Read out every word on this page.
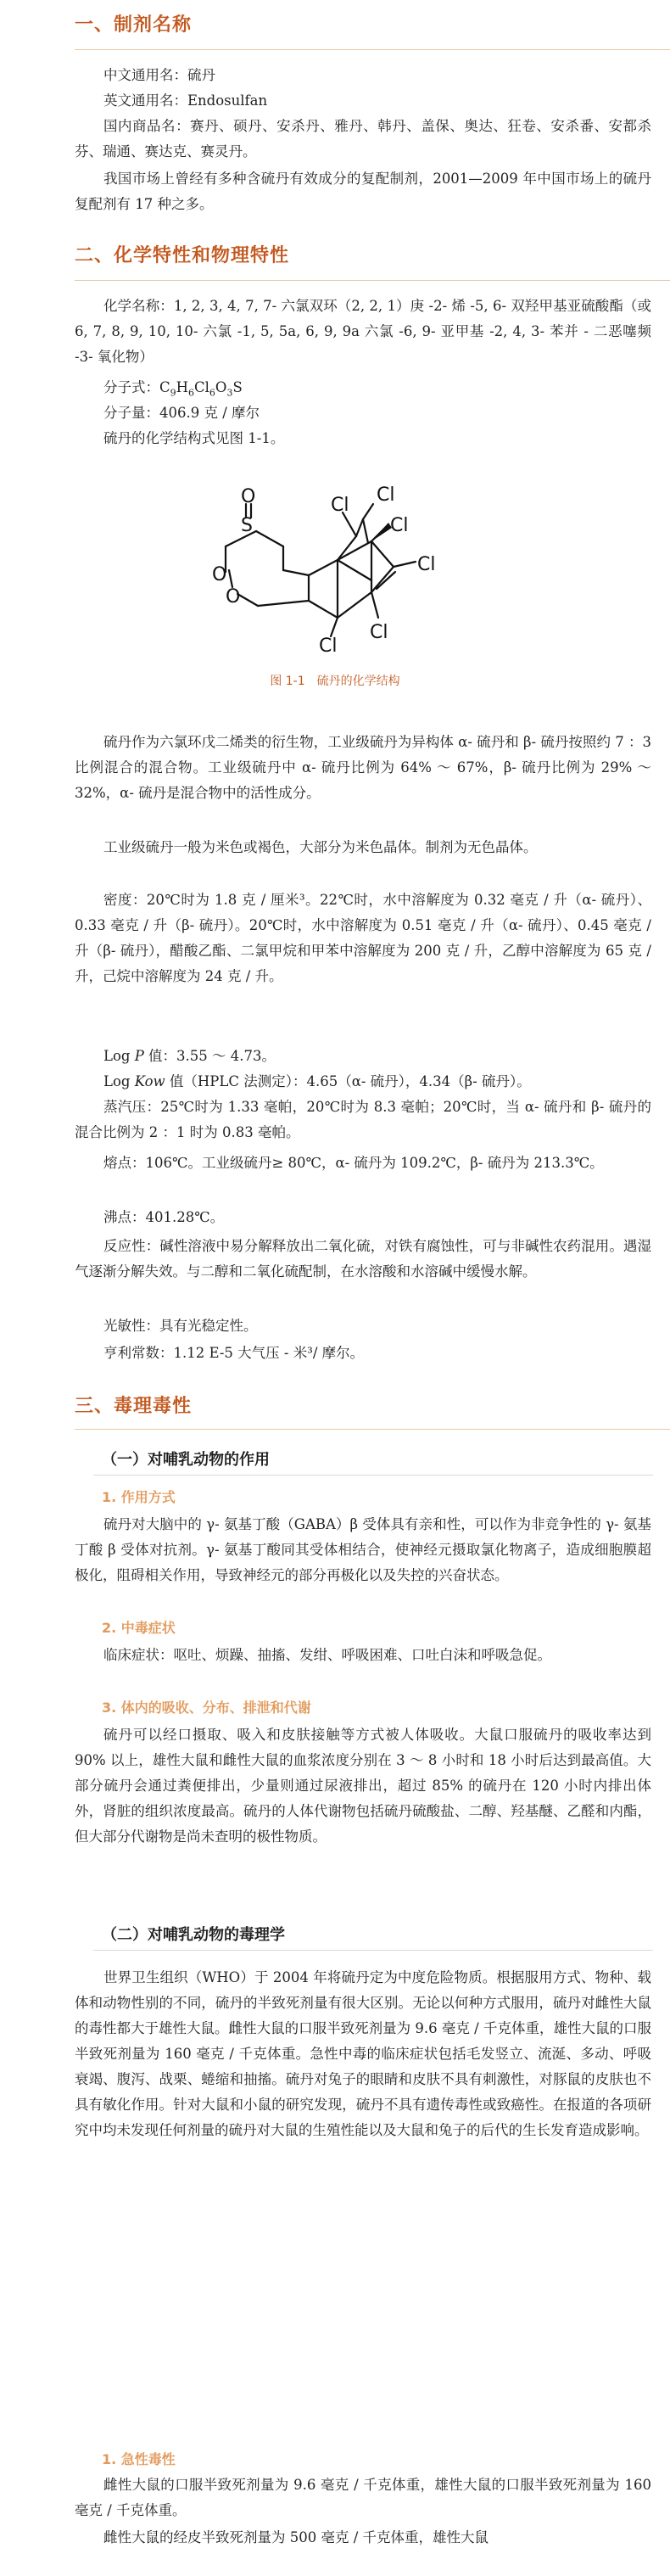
一、制剂名称
中文通用名：硫丹
英文通用名：Endosulfan
国内商品名：赛丹、硕丹、安杀丹、雅丹、韩丹、盖保、奥达、狂卷、安杀番、安都杀芬、瑞通、赛达克、赛灵丹。
我国市场上曾经有多种含硫丹有效成分的复配制剂，2001—2009 年中国市场上的硫丹复配剂有 17 种之多。
二、化学特性和物理特性
化学名称：1, 2, 3, 4, 7, 7- 六氯双环（2, 2, 1）庚 -2- 烯 -5, 6- 双羟甲基亚硫酸酯（或 6, 7, 8, 9, 10, 10- 六氯 -1, 5, 5a, 6, 9, 9a 六氯 -6, 9- 亚甲基 -2, 4, 3- 苯并 - 二恶噻频 -3- 氧化物）
分子式：$C_9H_6Cl_6O_3S$
分子量：406.9 克 / 摩尔
硫丹的化学结构式见图 1-1。
S
O
O
O
Cl Cl
Cl
Cl
Cl
Cl
图 1-1　硫丹的化学结构
硫丹作为六氯环戊二烯类的衍生物，工业级硫丹为异构体 α- 硫丹和 β- 硫丹按照约 7 ：3 比例混合的混合物。工业级硫丹中 α- 硫丹比例为 64% ～ 67%，β- 硫丹比例为 29% ～ 32%，α- 硫丹是混合物中的活性成分。
工业级硫丹一般为米色或褐色，大部分为米色晶体。制剂为无色晶体。
密度：20℃时为 1.8 克 / 厘米³。22℃时，水中溶解度为 0.32 毫克 / 升（α- 硫丹）、0.33 毫克 / 升（β- 硫丹）。20℃时，水中溶解度为 0.51 毫克 / 升（α- 硫丹）、0.45 毫克 / 升（β- 硫丹），醋酸乙酯、二氯甲烷和甲苯中溶解度为 200 克 / 升，乙醇中溶解度为 65 克 / 升，己烷中溶解度为 24 克 / 升。
Log P 值：3.55 ～ 4.73。
Log Kow 值（HPLC 法测定）：4.65（α- 硫丹），4.34（β- 硫丹）。
蒸汽压：25℃时为 1.33 毫帕，20℃时为 8.3 毫帕；20℃时，当 α- 硫丹和 β- 硫丹的混合比例为 2 ：1 时为 0.83 毫帕。
熔点：106℃。工业级硫丹≥ 80℃，α- 硫丹为 109.2℃，β- 硫丹为 213.3℃。
沸点：401.28℃。
反应性：碱性溶液中易分解释放出二氧化硫，对铁有腐蚀性，可与非碱性农药混用。遇湿气逐渐分解失效。与二醇和二氧化硫配制，在水溶酸和水溶碱中缓慢水解。
光敏性：具有光稳定性。
亨利常数：1.12 E-5 大气压 - 米³/ 摩尔。
三、毒理毒性
（一）对哺乳动物的作用
1. 作用方式
硫丹对大脑中的 γ- 氨基丁酸（GABA）β 受体具有亲和性，可以作为非竞争性的 γ- 氨基丁酸 β 受体对抗剂。γ- 氨基丁酸同其受体相结合，使神经元摄取氯化物离子，造成细胞膜超极化，阻碍相关作用，导致神经元的部分再极化以及失控的兴奋状态。
2. 中毒症状
临床症状：呕吐、烦躁、抽搐、发绀、呼吸困难、口吐白沫和呼吸急促。
3. 体内的吸收、分布、排泄和代谢
硫丹可以经口摄取、吸入和皮肤接触等方式被人体吸收。大鼠口服硫丹的吸收率达到 90% 以上，雄性大鼠和雌性大鼠的血浆浓度分别在 3 ～ 8 小时和 18 小时后达到最高值。大部分硫丹会通过粪便排出，少量则通过尿液排出，超过 85% 的硫丹在 120 小时内排出体外，肾脏的组织浓度最高。硫丹的人体代谢物包括硫丹硫酸盐、二醇、羟基醚、乙醛和内酯，但大部分代谢物是尚未查明的极性物质。
（二）对哺乳动物的毒理学
世界卫生组织（WHO）于 2004 年将硫丹定为中度危险物质。根据服用方式、物种、载体和动物性别的不同，硫丹的半致死剂量有很大区别。无论以何种方式服用，硫丹对雌性大鼠的毒性都大于雄性大鼠。雌性大鼠的口服半致死剂量为 9.6 毫克 / 千克体重，雄性大鼠的口服半致死剂量为 160 毫克 / 千克体重。急性中毒的临床症状包括毛发竖立、流涎、多动、呼吸衰竭、腹泻、战栗、蜷缩和抽搐。硫丹对兔子的眼睛和皮肤不具有刺激性，对豚鼠的皮肤也不具有敏化作用。针对大鼠和小鼠的研究发现，硫丹不具有遗传毒性或致癌性。在报道的各项研究中均未发现任何剂量的硫丹对大鼠的生殖性能以及大鼠和兔子的后代的生长发育造成影响。
1. 急性毒性
雌性大鼠的口服半致死剂量为 9.6 毫克 / 千克体重，雄性大鼠的口服半致死剂量为 160 毫克 / 千克体重。
雌性大鼠的经皮半致死剂量为 500 毫克 / 千克体重，雄性大鼠
